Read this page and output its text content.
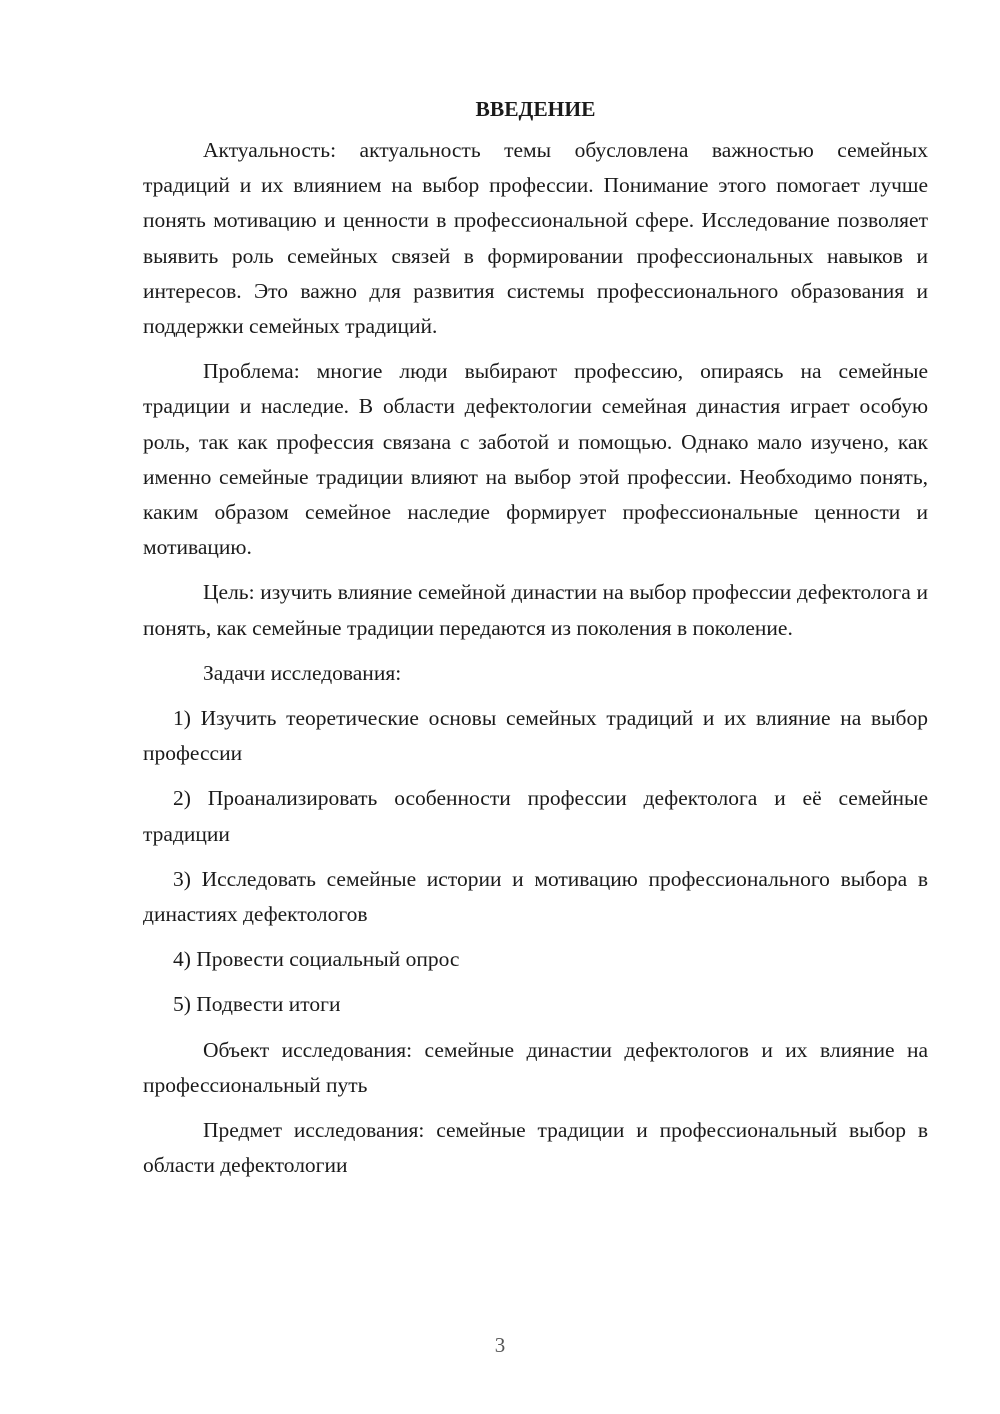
ВВЕДЕНИЕ

Актуальность: актуальность темы обусловлена важностью семейных традиций и их влиянием на выбор профессии. Понимание этого помогает лучше понять мотивацию и ценности в профессиональной сфере. Исследование позволяет выявить роль семейных связей в формировании профессиональных навыков и интересов. Это важно для развития системы профессионального образования и поддержки семейных традиций.

Проблема: многие люди выбирают профессию, опираясь на семейные традиции и наследие. В области дефектологии семейная династия играет особую роль, так как профессия связана с заботой и помощью. Однако мало изучено, как именно семейные традиции влияют на выбор этой профессии. Необходимо понять, каким образом семейное наследие формирует профессиональные ценности и мотивацию.

Цель: изучить влияние семейной династии на выбор профессии дефектолога и понять, как семейные традиции передаются из поколения в поколение.

Задачи исследования:

1) Изучить теоретические основы семейных традиций и их влияние на выбор профессии

2) Проанализировать особенности профессии дефектолога и её семейные традиции

3) Исследовать семейные истории и мотивацию профессионального выбора в династиях дефектологов

4) Провести социальный опрос

5) Подвести итоги

Объект исследования: семейные династии дефектологов и их влияние на профессиональный путь

Предмет исследования: семейные традиции и профессиональный выбор в области дефектологии

3
